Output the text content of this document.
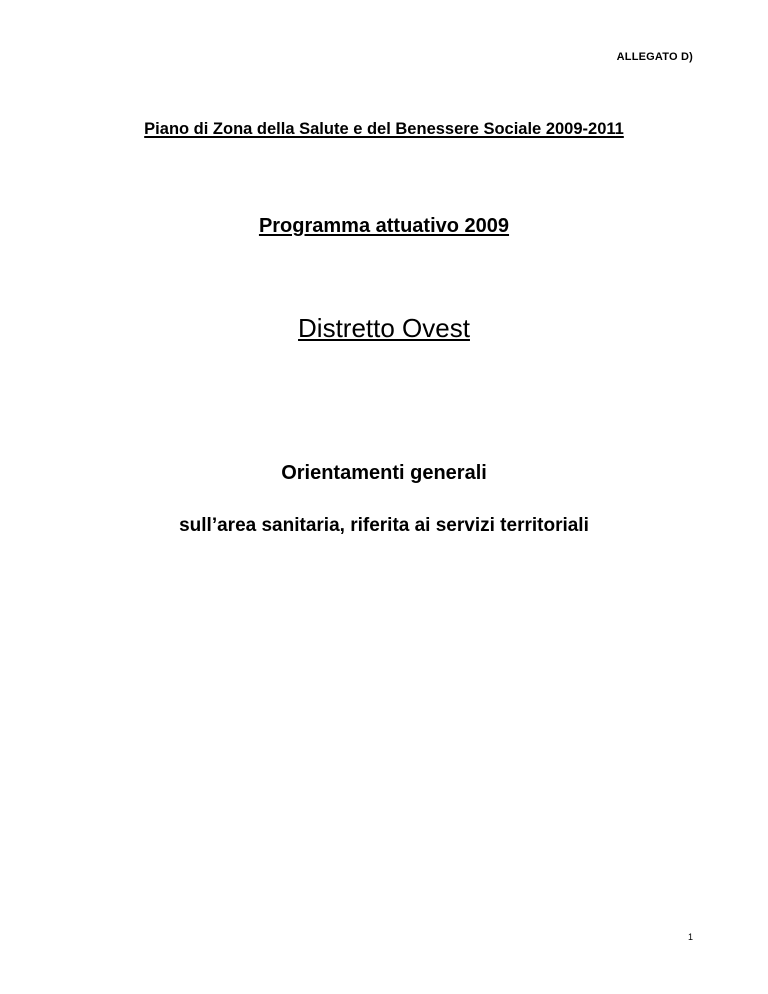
ALLEGATO D)
Piano di Zona della Salute e del Benessere Sociale 2009-2011
Programma attuativo 2009
Distretto Ovest
Orientamenti generali
sull’area sanitaria, riferita ai servizi territoriali
1
